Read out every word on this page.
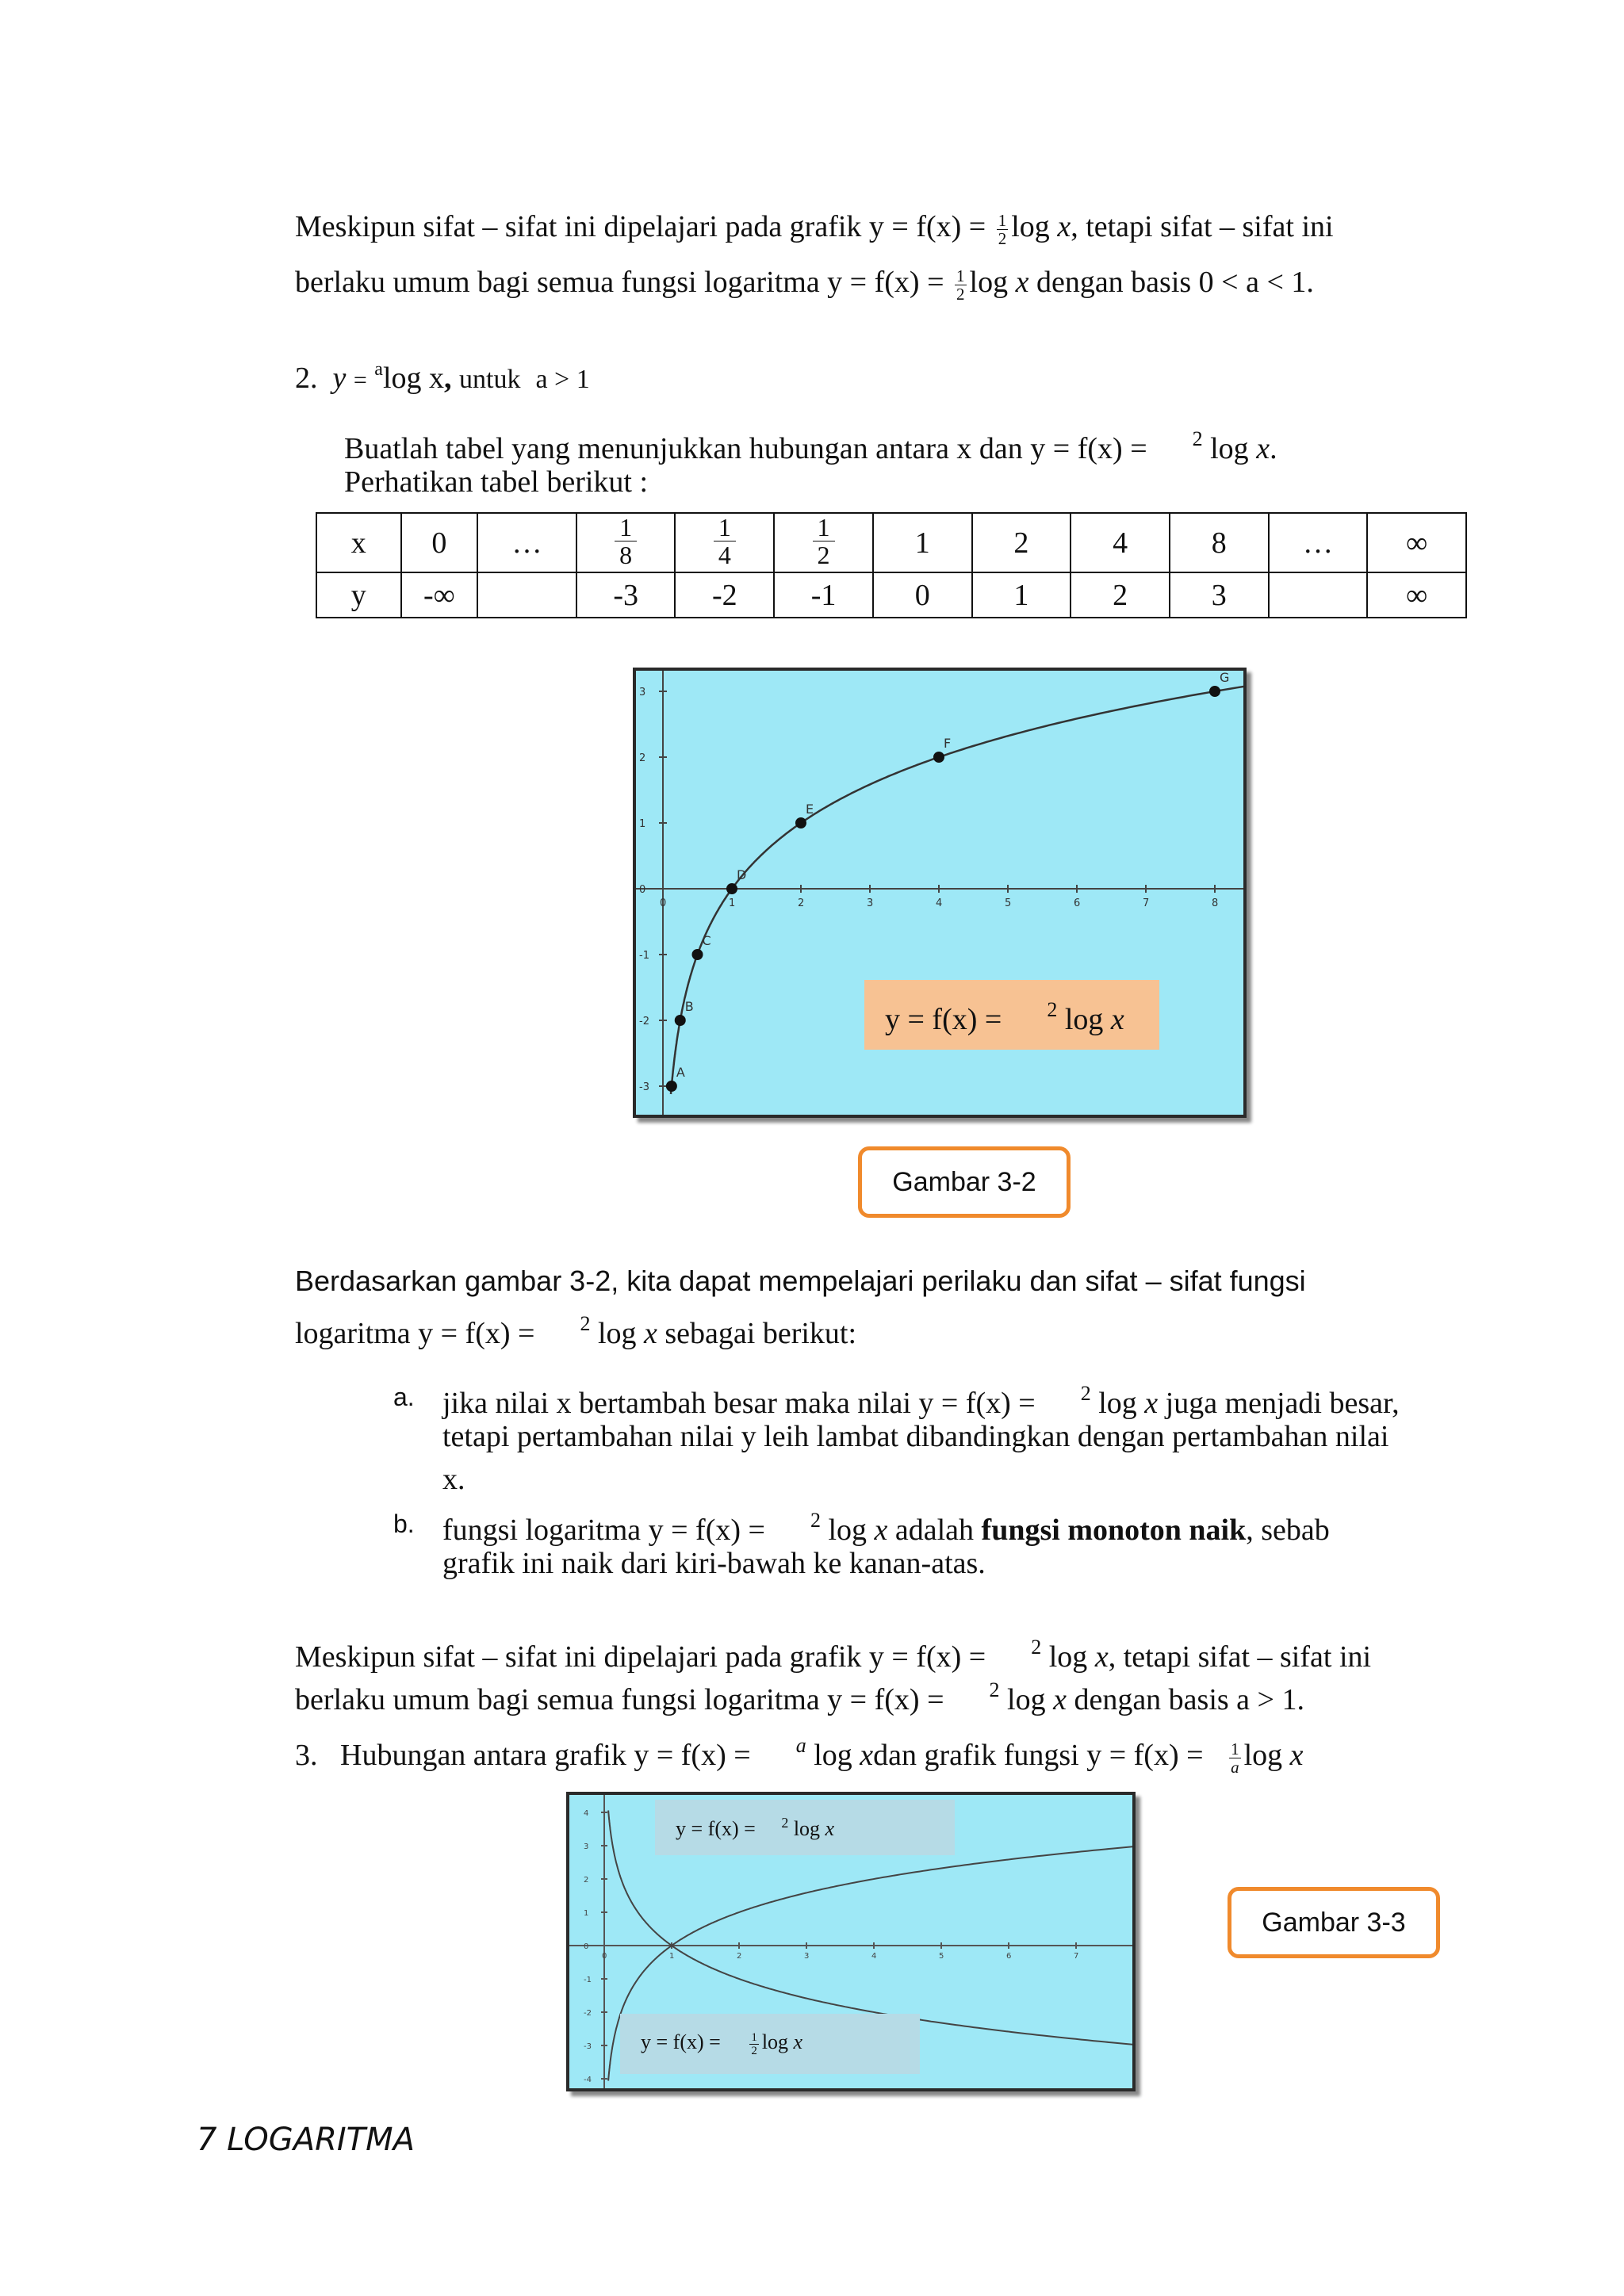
Meskipun sifat – sifat ini dipelajari pada grafik $y = f(x) = \frac{1}{2}$ log x, tetapi sifat – sifat ini
berlaku umum bagi semua fungsi logaritma $y = f(x) = \frac{1}{2}$ log x dengan basis 0 < a < 1.
2. y = $^a$log x, untuk a > 1
Buatlah tabel yang menunjukkan hubungan antara x dan y = f(x) = $^2$ log x.
Perhatikan tabel berikut :
x	0	…	$\frac{1}{8}$	$\frac{1}{4}$	$\frac{1}{2}$	1	2	4	8	…	∞
y	-∞		-3	-2	-1	0	1	2	3		∞
0	1	2	3	4	5	6	7	8
3
2
1
0
-1
-2
-3
A
B
C
D
E
F
G
y = f(x) = $^2$ log x
Gambar 3-2
Berdasarkan gambar 3-2, kita dapat mempelajari perilaku dan sifat – sifat fungsi
logaritma y = f(x) = $^2$ log x sebagai berikut:
a. jika nilai x bertambah besar maka nilai y = f(x) = $^2$ log x juga menjadi besar,
tetapi pertambahan nilai y leih lambat dibandingkan dengan pertambahan nilai
x.
b. fungsi logaritma y = f(x) = $^2$ log x adalah fungsi monoton naik, sebab
grafik ini naik dari kiri-bawah ke kanan-atas.
Meskipun sifat – sifat ini dipelajari pada grafik y = f(x) = $^2$ log x, tetapi sifat – sifat ini
berlaku umum bagi semua fungsi logaritma y = f(x) = $^2$ log x dengan basis a > 1.
3. Hubungan antara grafik y = f(x) = $^a$ log xdan grafik fungsi $y = f(x) = \frac{1}{a}$ log x
0	1	2	3	4	5	6	7
4
3
2
1
0
-1
-2
-3
-4
y = f(x) = $^2$ log x
$y = f(x) = \frac{1}{2}$ log x
Gambar 3-3
7 LOGARITMA
